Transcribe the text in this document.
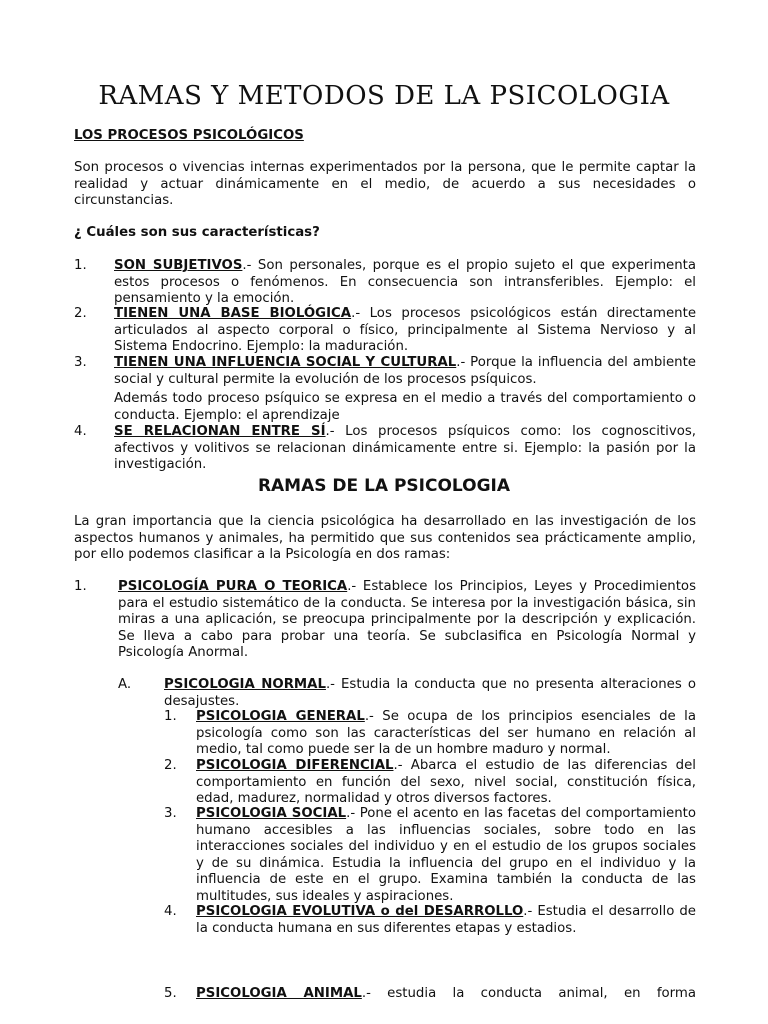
RAMAS Y METODOS DE LA PSICOLOGIA
LOS PROCESOS PSICOLÓGICOS

Son procesos o vivencias internas experimentados por la persona, que le permite captar la realidad y actuar dinámicamente en el medio, de acuerdo a sus necesidades o circunstancias.

¿ Cuáles son sus características?
1. SON SUBJETIVOS.- Son personales, porque es el propio sujeto el que experimenta estos procesos o fenómenos. En consecuencia son intransferibles. Ejemplo: el pensamiento y la emoción.

2. TIENEN UNA BASE BIOLÓGICA.- Los procesos psicológicos están directamente articulados al aspecto corporal o físico, principalmente al Sistema Nervioso y al Sistema Endocrino. Ejemplo: la maduración.

3. TIENEN UNA INFLUENCIA SOCIAL Y CULTURAL.- Porque la influencia del ambiente social y cultural permite la evolución de los procesos psíquicos.

Además todo proceso psíquico se expresa en el medio a través del comportamiento o conducta. Ejemplo: el aprendizaje

4. SE RELACIONAN ENTRE SÍ.- Los procesos psíquicos como: los cognoscitivos, afectivos y volitivos se relacionan dinámicamente entre si. Ejemplo: la pasión por la investigación.

RAMAS DE LA PSICOLOGIA

La gran importancia que la ciencia psicológica ha desarrollado en las investigación de los aspectos humanos y animales, ha permitido que sus contenidos sea prácticamente amplio, por ello podemos clasificar a la Psicología en dos ramas:

1. PSICOLOGÍA PURA O TEORICA.- Establece los Principios, Leyes y Procedimientos para el estudio sistemático de la conducta. Se interesa por la investigación básica, sin miras a una aplicación, se preocupa principalmente por la descripción y explicación. Se lleva a cabo para probar una teoría. Se subclasifica en Psicología Normal y Psicología Anormal.

A. PSICOLOGIA NORMAL.- Estudia la conducta que no presenta alteraciones o desajustes.

1. PSICOLOGIA GENERAL.- Se ocupa de los principios esenciales de la psicología como son las características del ser humano en relación al medio, tal como puede ser la de un hombre maduro y normal.

2. PSICOLOGIA DIFERENCIAL.- Abarca el estudio de las diferencias del comportamiento en función del sexo, nivel social, constitución física, edad, madurez, normalidad y otros diversos factores.

3. PSICOLOGIA SOCIAL.- Pone el acento en las facetas del comportamiento humano accesibles a las influencias sociales, sobre todo en las interacciones sociales del individuo y en el estudio de los grupos sociales y de su dinámica. Estudia la influencia del grupo en el individuo y la influencia de este en el grupo. Examina también la conducta de las multitudes, sus ideales y aspiraciones.

4. PSICOLOGIA EVOLUTIVA o del DESARROLLO.- Estudia el desarrollo de la conducta humana en sus diferentes etapas y estadios.

5. PSICOLOGIA ANIMAL.- estudia la conducta animal, en forma
